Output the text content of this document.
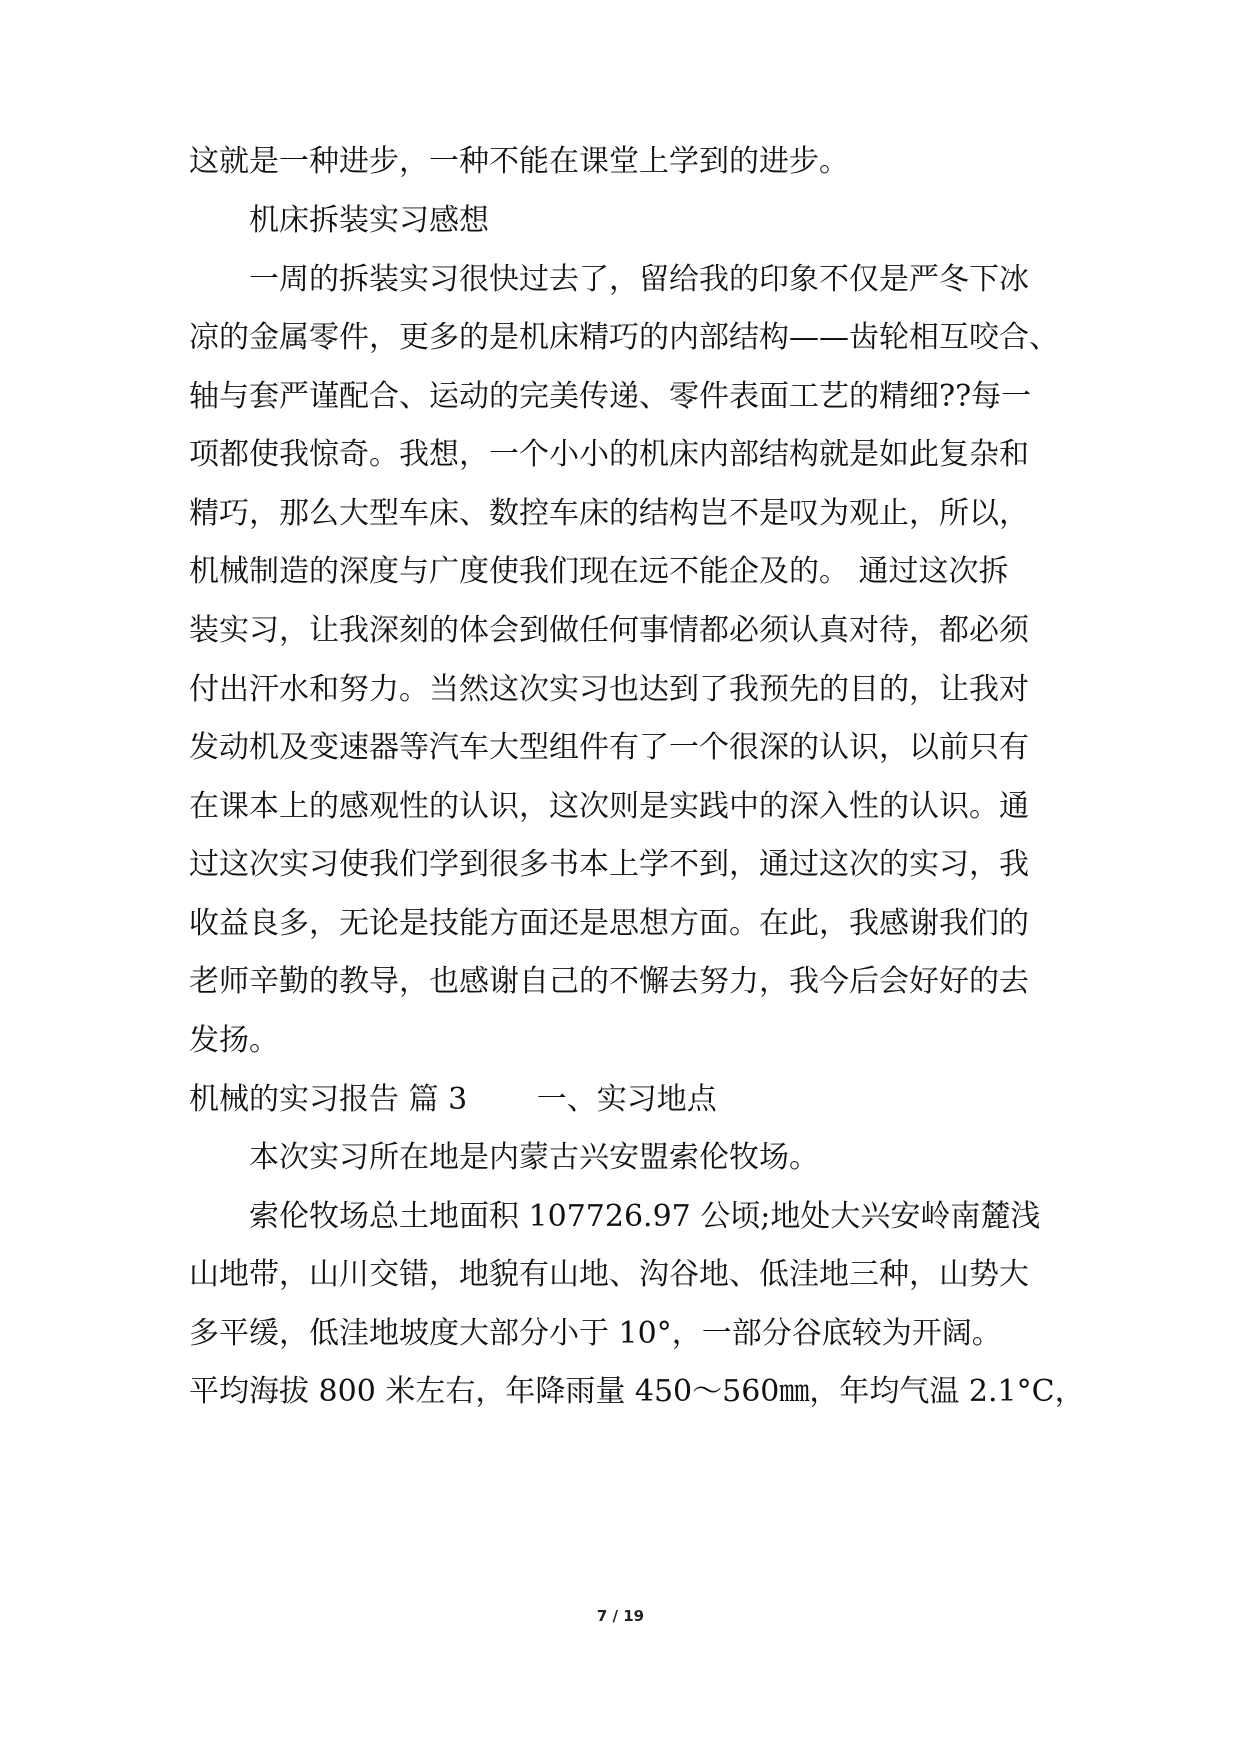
这就是一种进步，一种不能在课堂上学到的进步。
　　机床拆装实习感想
　　一周的拆装实习很快过去了，留给我的印象不仅是严冬下冰
凉的金属零件，更多的是机床精巧的内部结构——齿轮相互咬合、
轴与套严谨配合、运动的完美传递、零件表面工艺的精细??每一
项都使我惊奇。我想，一个小小的机床内部结构就是如此复杂和
精巧，那么大型车床、数控车床的结构岂不是叹为观止，所以，
机械制造的深度与广度使我们现在远不能企及的。 通过这次拆
装实习，让我深刻的体会到做任何事情都必须认真对待，都必须
付出汗水和努力。当然这次实习也达到了我预先的目的，让我对
发动机及变速器等汽车大型组件有了一个很深的认识，以前只有
在课本上的感观性的认识，这次则是实践中的深入性的认识。通
过这次实习使我们学到很多书本上学不到，通过这次的实习，我
收益良多，无论是技能方面还是思想方面。在此，我感谢我们的
老师辛勤的教导，也感谢自己的不懈去努力，我今后会好好的去
发扬。
机械的实习报告 篇 3　　 一、实习地点
　　本次实习所在地是内蒙古兴安盟索伦牧场。
　　索伦牧场总土地面积 107726.97 公顷;地处大兴安岭南麓浅
山地带，山川交错，地貌有山地、沟谷地、低洼地三种，山势大
多平缓，低洼地坡度大部分小于 10°，一部分谷底较为开阔。
平均海拔 800 米左右，年降雨量 450～560㎜，年均气温 2.1°C，
7 / 19
